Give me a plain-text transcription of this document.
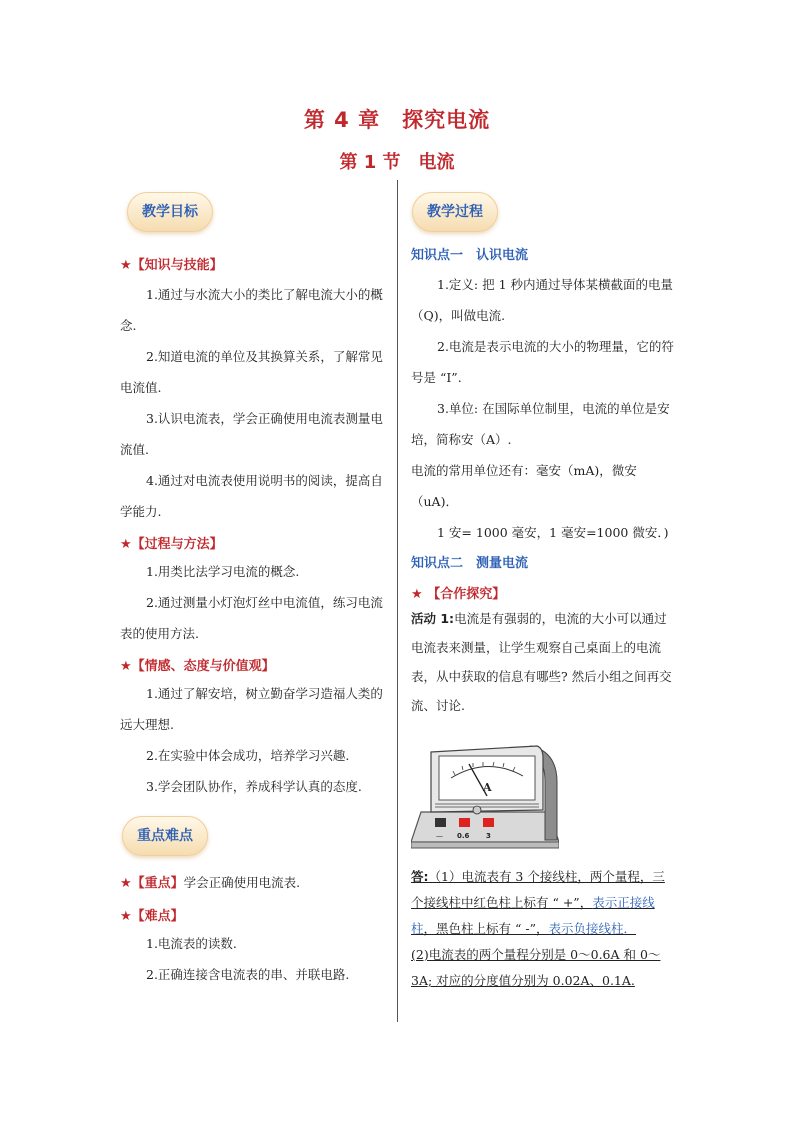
第 4 章　探究电流
第 1 节　电流
教学目标
★【知识与技能】
1.通过与水流大小的类比了解电流大小的概念.
2.知道电流的单位及其换算关系，了解常见电流值.
3.认识电流表，学会正确使用电流表测量电流值.
4.通过对电流表使用说明书的阅读，提高自学能力.
★【过程与方法】
1.用类比法学习电流的概念.
2.通过测量小灯泡灯丝中电流值，练习电流表的使用方法.
★【情感、态度与价值观】
1.通过了解安培，树立勤奋学习造福人类的远大理想.
2.在实验中体会成功，培养学习兴趣.
3.学会团队协作，养成科学认真的态度.
重点难点
★【重点】学会正确使用电流表.
★【难点】
1.电流表的读数.
2.正确连接含电流表的串、并联电路.
教学过程
知识点一　认识电流
1.定义: 把 1 秒内通过导体某横截面的电量（Q)，叫做电流.
2.电流是表示电流的大小的物理量，它的符号是 “I”.
3.单位: 在国际单位制里，电流的单位是安培，简称安（A）.
电流的常用单位还有：毫安（mA)，微安（uA)．
1 安= 1000 毫安，1 毫安=1000 微安．)
知识点二　测量电流
★ 【合作探究】
活动 1:电流是有强弱的，电流的大小可以通过电流表来测量，让学生观察自己桌面上的电流表，从中获取的信息有哪些? 然后小组之间再交流、讨论.
A
— 0.6 3
答:（1）电流表有 3 个接线柱，两个量程，三个接线柱中红色柱上标有 “ +”，表示正接线柱，黑色柱上标有 “ -”，表示负接线柱．
(2)电流表的两个量程分别是 0～0.6A 和 0～3A; 对应的分度值分别为 0.02A、0.1A.
